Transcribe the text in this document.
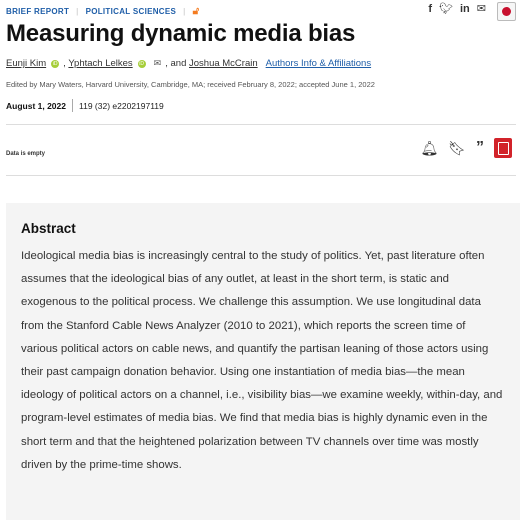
BRIEF REPORT | POLITICAL SCIENCES | 🔓︎	f 🐦︎ in ✉︎
Measuring dynamic media bias
Eunji Kim	iD ,
Yphtach Lelkes	iD ✉︎ , and
Joshua McCrain Authors Info & Affiliations
Edited by Mary Waters, Harvard University, Cambridge, MA; received February 8, 2022; accepted June 1, 2022
August 1, 2022 119 (32) e2202197119
Data is empty	🔔︎ 🔖︎ ”
Abstract

Ideological media bias is increasingly central to the study of politics. Yet, past literature often assumes that the ideological bias of any outlet, at least in the short term, is static and exogenous to the political process. We challenge this assumption. We use longitudinal data from the Stanford Cable News Analyzer (2010 to 2021), which reports the screen time of various political actors on cable news, and quantify the partisan leaning of those actors using their past campaign donation behavior. Using one instantiation of media bias—the mean ideology of political actors on a channel, i.e., visibility bias—we examine weekly, within-day, and program-level estimates of media bias. We find that media bias is highly dynamic even in the short term and that the heightened polarization between TV channels over time was mostly driven by the prime-time shows.
